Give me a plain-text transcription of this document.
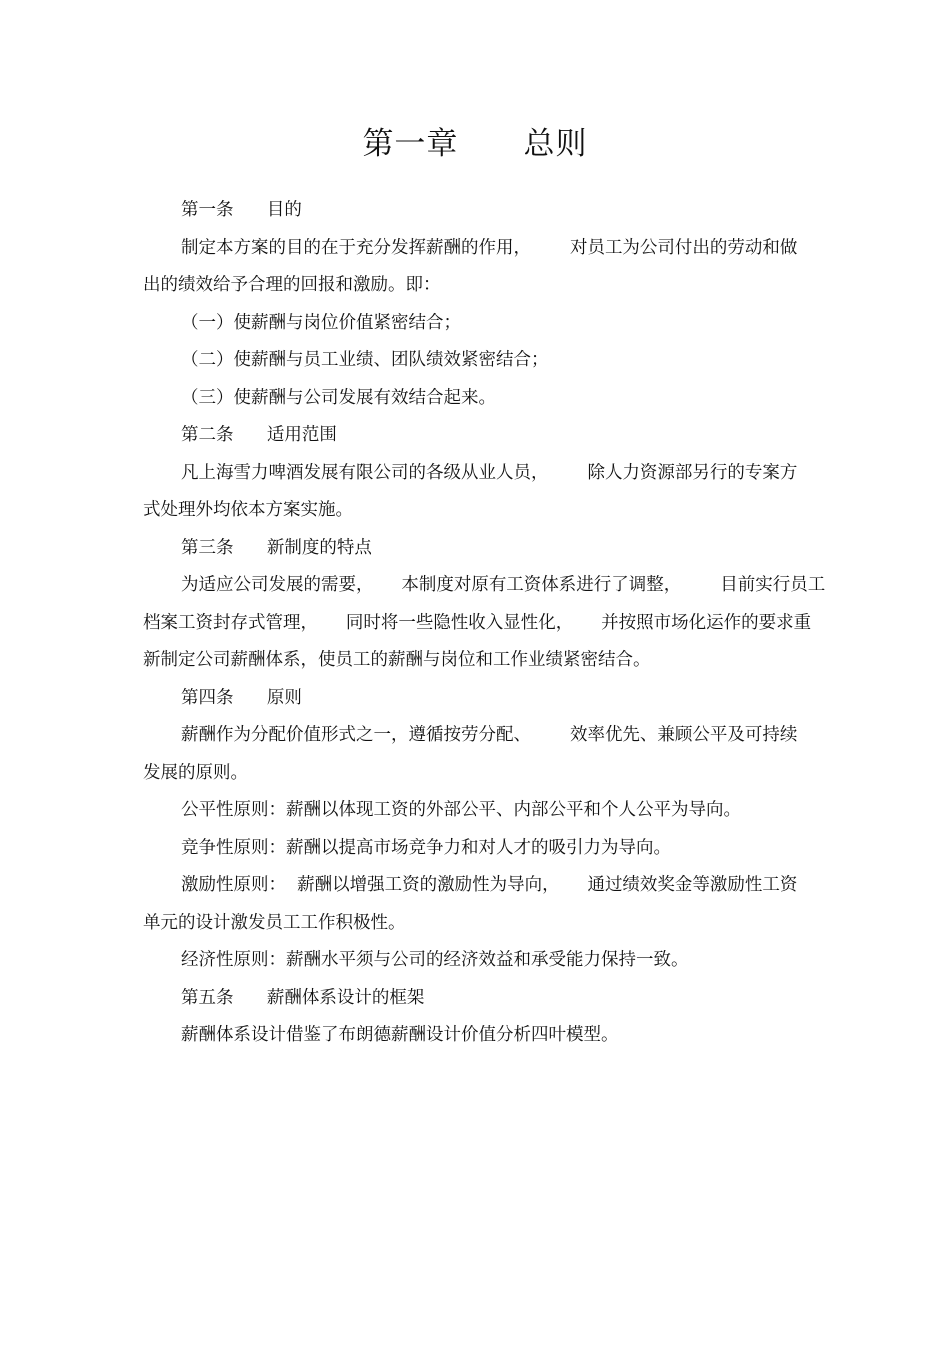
第一章      总则
第一条      目的
制定本方案的目的在于充分发挥薪酬的作用，       对员工为公司付出的劳动和做
出的绩效给予合理的回报和激励。即：
（一）使薪酬与岗位价值紧密结合；
（二）使薪酬与员工业绩、团队绩效紧密结合；
（三）使薪酬与公司发展有效结合起来。
第二条      适用范围
凡上海雪力啤酒发展有限公司的各级从业人员，       除人力资源部另行的专案方
式处理外均依本方案实施。
第三条      新制度的特点
为适应公司发展的需要，     本制度对原有工资体系进行了调整，       目前实行员工
档案工资封存式管理，     同时将一些隐性收入显性化，     并按照市场化运作的要求重
新制定公司薪酬体系，使员工的薪酬与岗位和工作业绩紧密结合。
第四条      原则
薪酬作为分配价值形式之一，遵循按劳分配、       效率优先、兼顾公平及可持续
发展的原则。
公平性原则：薪酬以体现工资的外部公平、内部公平和个人公平为导向。
竞争性原则：薪酬以提高市场竞争力和对人才的吸引力为导向。
激励性原则：  薪酬以增强工资的激励性为导向，     通过绩效奖金等激励性工资
单元的设计激发员工工作积极性。
经济性原则：薪酬水平须与公司的经济效益和承受能力保持一致。
第五条      薪酬体系设计的框架
薪酬体系设计借鉴了布朗德薪酬设计价值分析四叶模型。
